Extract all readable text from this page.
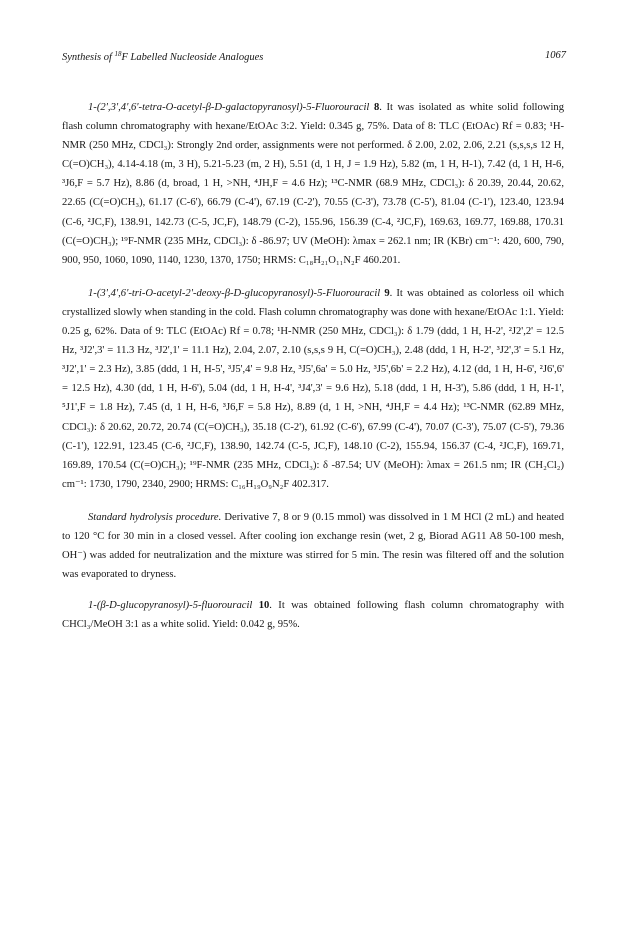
Synthesis of $^{18}$F Labelled Nucleoside Analogues	1067

1-(2',3',4',6'-tetra-O-acetyl-β-D-galactopyranosyl)-5-Fluorouracil 8. It was isolated as white solid following flash column chromatography with hexane/EtOAc 3:2. Yield: 0.345 g, 75%. Data of 8: TLC (EtOAc) Rf = 0.83; ¹H-NMR (250 MHz, CDCl₃): Strongly 2nd order, assignments were not performed. δ 2.00, 2.02, 2.06, 2.21 (s,s,s,s 12 H, C(=O)CH₃), 4.14-4.18 (m, 3 H), 5.21-5.23 (m, 2 H), 5.51 (d, 1 H, J = 1.9 Hz), 5.82 (m, 1 H, H-1), 7.42 (d, 1 H, H-6, ³J6,F = 5.7 Hz), 8.86 (d, broad, 1 H, >NH, ⁴JH,F = 4.6 Hz); ¹³C-NMR (68.9 MHz, CDCl₃): δ 20.39, 20.44, 20.62, 22.65 (C(=O)CH₃), 61.17 (C-6'), 66.79 (C-4'), 67.19 (C-2'), 70.55 (C-3'), 73.78 (C-5'), 81.04 (C-1'), 123.40, 123.94 (C-6, ²JC,F), 138.91, 142.73 (C-5, JC,F), 148.79 (C-2), 155.96, 156.39 (C-4, ²JC,F), 169.63, 169.77, 169.88, 170.31 (C(=O)CH₃); ¹⁹F-NMR (235 MHz, CDCl₃): δ -86.97; UV (MeOH): λmax = 262.1 nm; IR (KBr) cm⁻¹: 420, 600, 790, 900, 950, 1060, 1090, 1140, 1230, 1370, 1750; HRMS: C₁₈H₂₁O₁₁N₂F 460.201.

1-(3',4',6'-tri-O-acetyl-2'-deoxy-β-D-glucopyranosyl)-5-Fluorouracil 9. It was obtained as colorless oil which crystallized slowly when standing in the cold. Flash column chromatography was done with hexane/EtOAc 1:1. Yield: 0.25 g, 62%. Data of 9: TLC (EtOAc) Rf = 0.78; ¹H-NMR (250 MHz, CDCl₃): δ 1.79 (ddd, 1 H, H-2', ²J2',2' = 12.5 Hz, ³J2',3' = 11.3 Hz, ³J2',1' = 11.1 Hz), 2.04, 2.07, 2.10 (s,s,s 9 H, C(=O)CH₃), 2.48 (ddd, 1 H, H-2', ³J2',3' = 5.1 Hz, ³J2',1' = 2.3 Hz), 3.85 (ddd, 1 H, H-5', ³J5',4' = 9.8 Hz, ³J5',6a' = 5.0 Hz, ³J5',6b' = 2.2 Hz), 4.12 (dd, 1 H, H-6', ²J6',6' = 12.5 Hz), 4.30 (dd, 1 H, H-6'), 5.04 (dd, 1 H, H-4', ³J4',3' = 9.6 Hz), 5.18 (ddd, 1 H, H-3'), 5.86 (ddd, 1 H, H-1', ⁵J1',F = 1.8 Hz), 7.45 (d, 1 H, H-6, ³J6,F = 5.8 Hz), 8.89 (d, 1 H, >NH, ⁴JH,F = 4.4 Hz); ¹³C-NMR (62.89 MHz, CDCl₃): δ 20.62, 20.72, 20.74 (C(=O)CH₃), 35.18 (C-2'), 61.92 (C-6'), 67.99 (C-4'), 70.07 (C-3'), 75.07 (C-5'), 79.36 (C-1'), 122.91, 123.45 (C-6, ²JC,F), 138.90, 142.74 (C-5, JC,F), 148.10 (C-2), 155.94, 156.37 (C-4, ²JC,F), 169.71, 169.89, 170.54 (C(=O)CH₃); ¹⁹F-NMR (235 MHz, CDCl₃): δ -87.54; UV (MeOH): λmax = 261.5 nm; IR (CH₂Cl₂) cm⁻¹: 1730, 1790, 2340, 2900; HRMS: C₁₆H₁₉O₉N₂F 402.317.

Standard hydrolysis procedure. Derivative 7, 8 or 9 (0.15 mmol) was dissolved in 1 M HCl (2 mL) and heated to 120 °C for 30 min in a closed vessel. After cooling ion exchange resin (wet, 2 g, Biorad AG11 A8 50-100 mesh, OH⁻) was added for neutralization and the mixture was stirred for 5 min. The resin was filtered off and the solution was evaporated to dryness.

1-(β-D-glucopyranosyl)-5-fluorouracil 10. It was obtained following flash column chromatography with CHCl₃/MeOH 3:1 as a white solid. Yield: 0.042 g, 95%.
